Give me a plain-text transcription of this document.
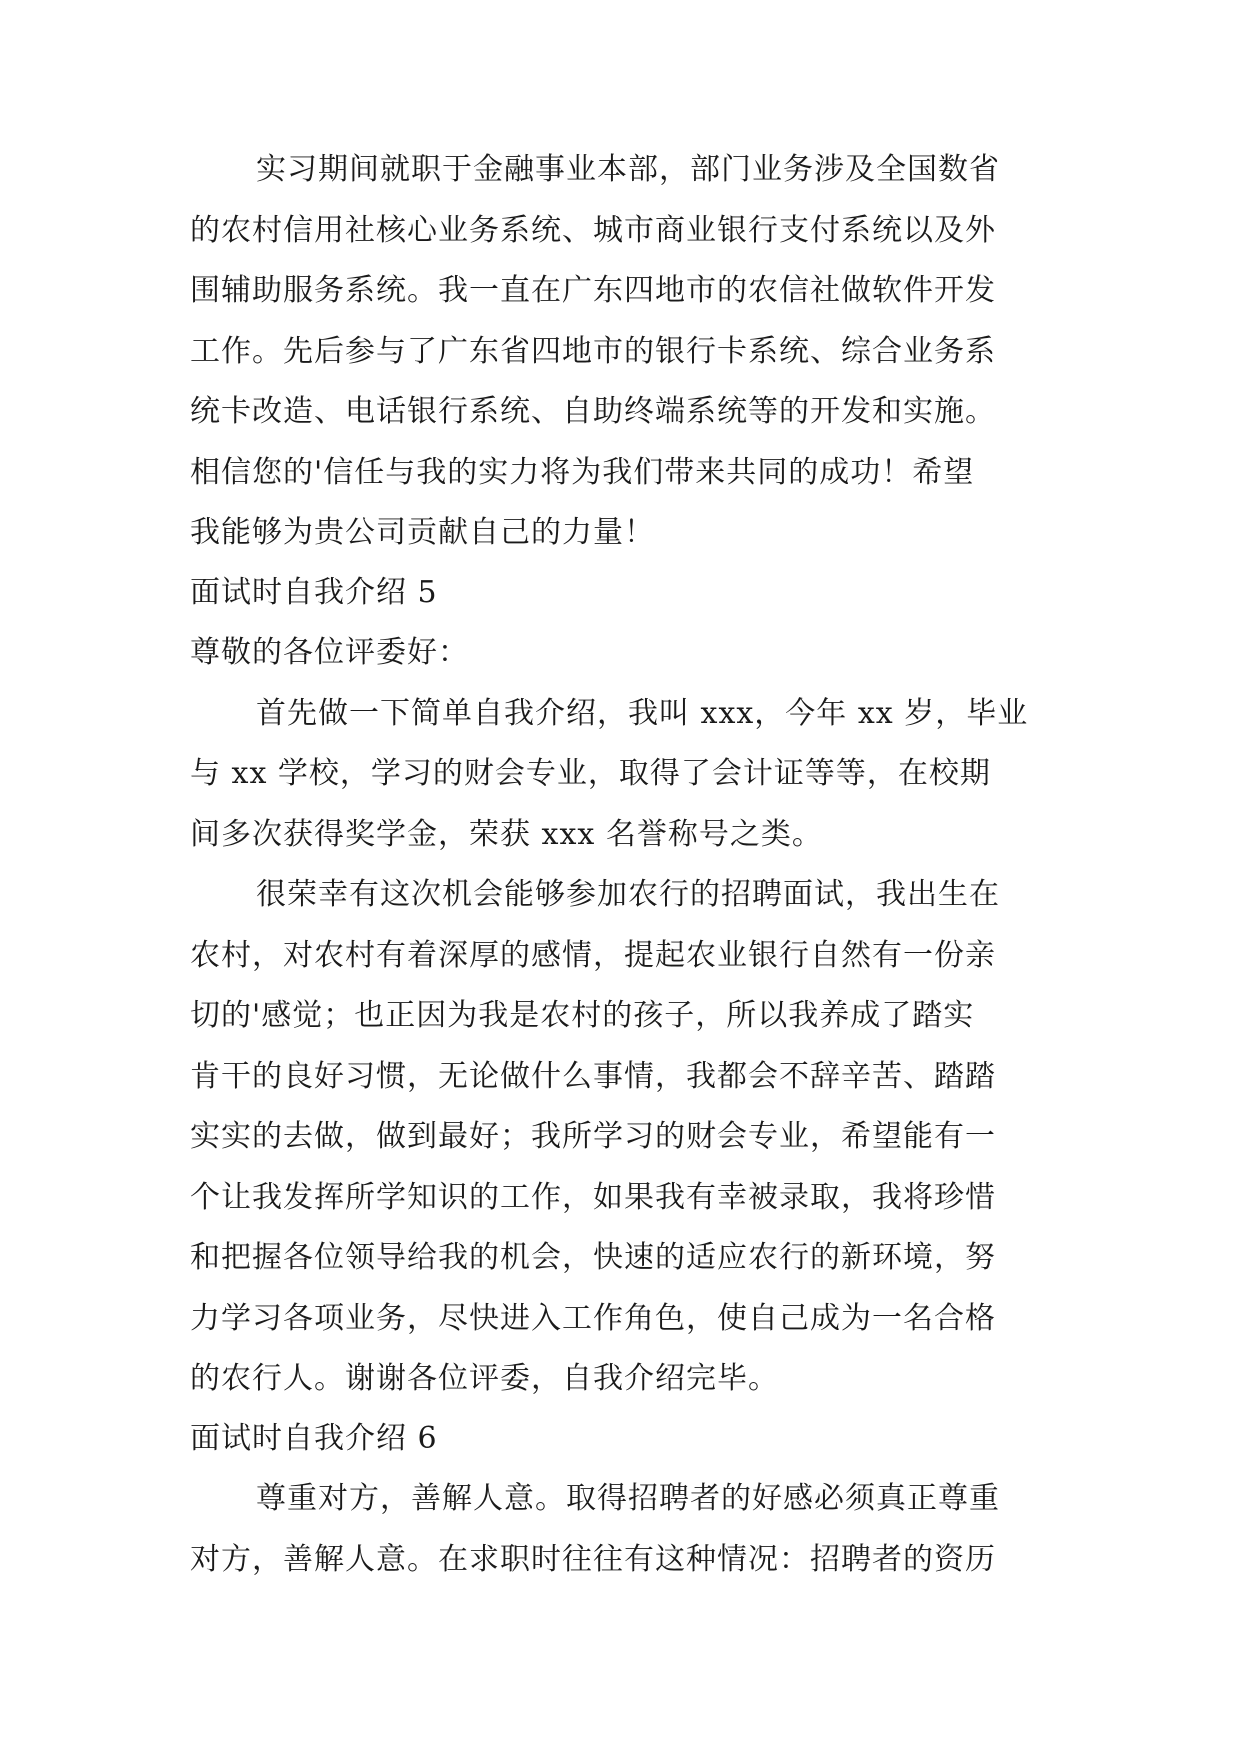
实习期间就职于金融事业本部，部门业务涉及全国数省
的农村信用社核心业务系统、城市商业银行支付系统以及外
围辅助服务系统。我一直在广东四地市的农信社做软件开发
工作。先后参与了广东省四地市的银行卡系统、综合业务系
统卡改造、电话银行系统、自助终端系统等的开发和实施。
相信您的'信任与我的实力将为我们带来共同的成功！希望
我能够为贵公司贡献自己的力量！
面试时自我介绍 5
尊敬的各位评委好：
首先做一下简单自我介绍，我叫 xxx，今年 xx 岁，毕业
与 xx 学校，学习的财会专业，取得了会计证等等，在校期
间多次获得奖学金，荣获 xxx 名誉称号之类。
很荣幸有这次机会能够参加农行的招聘面试，我出生在
农村，对农村有着深厚的感情，提起农业银行自然有一份亲
切的'感觉；也正因为我是农村的孩子，所以我养成了踏实
肯干的良好习惯，无论做什么事情，我都会不辞辛苦、踏踏
实实的去做，做到最好；我所学习的财会专业，希望能有一
个让我发挥所学知识的工作，如果我有幸被录取，我将珍惜
和把握各位领导给我的机会，快速的适应农行的新环境，努
力学习各项业务，尽快进入工作角色，使自己成为一名合格
的农行人。谢谢各位评委，自我介绍完毕。
面试时自我介绍 6
尊重对方，善解人意。取得招聘者的好感必须真正尊重
对方，善解人意。在求职时往往有这种情况：招聘者的资历
